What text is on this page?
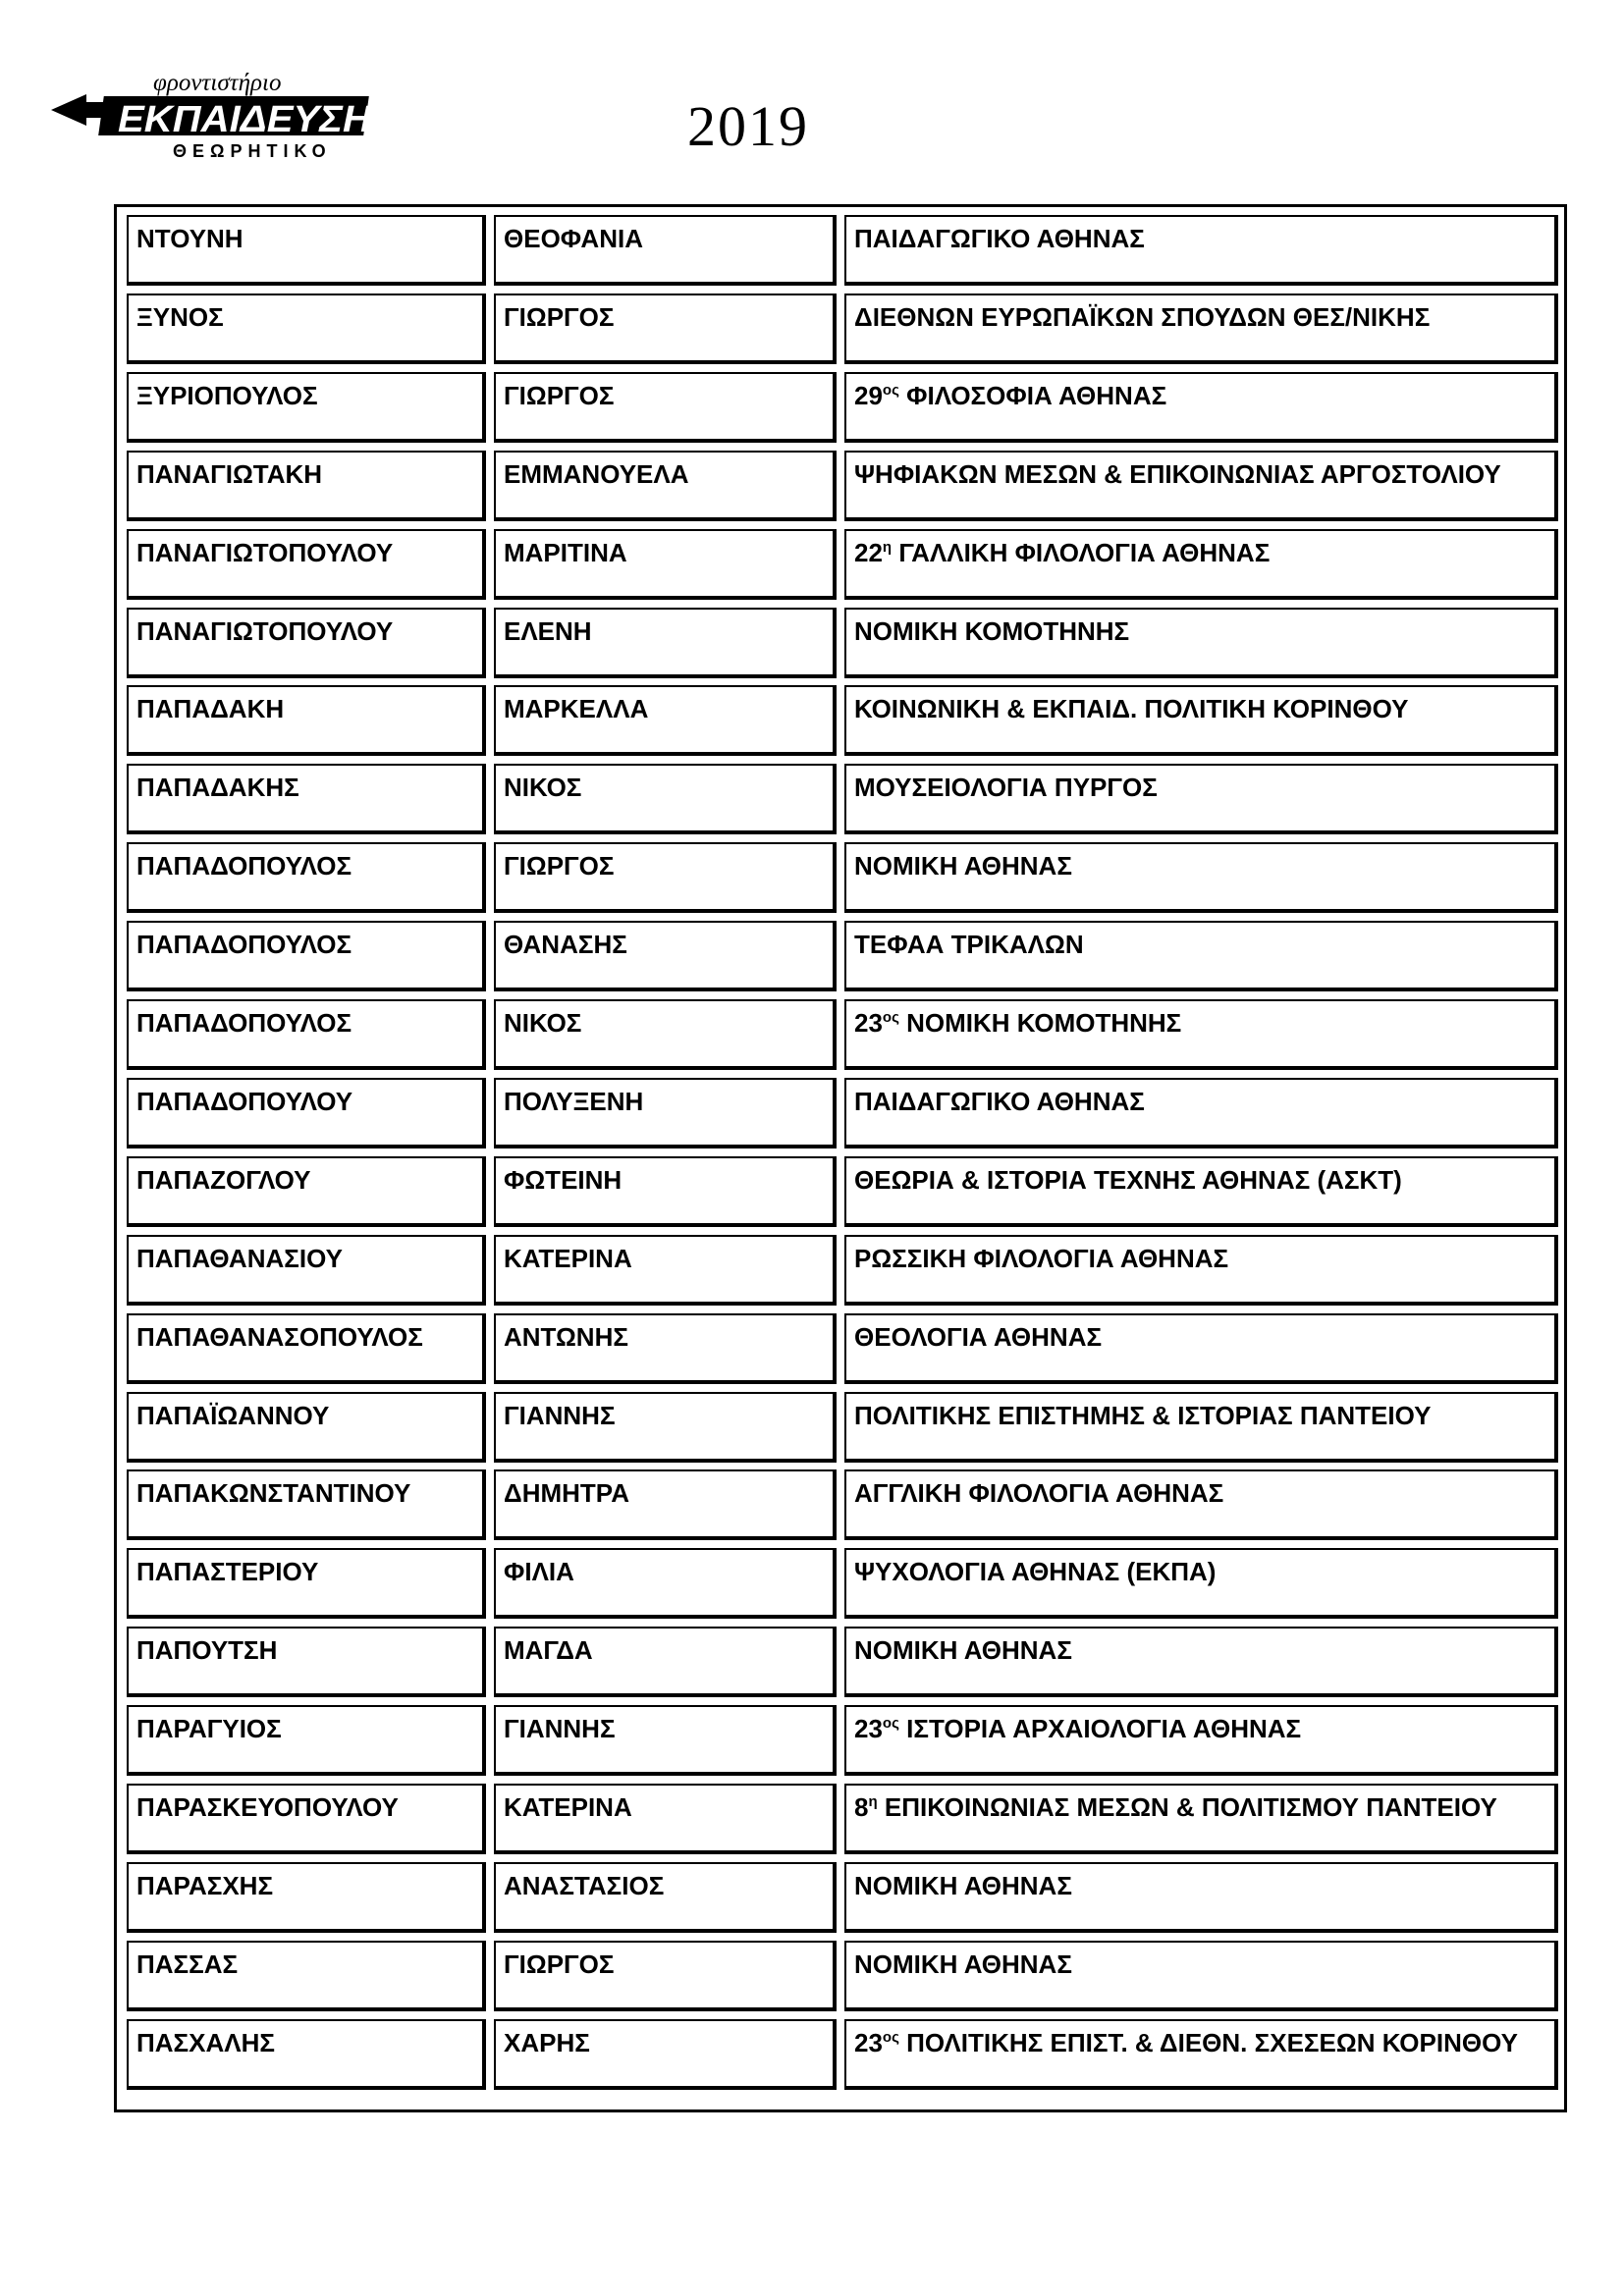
φροντιστήριο
ΕΚΠΑΙΔΕΥΣΗ
ΘΕΩΡΗΤΙΚΟ	2019
ΝΤΟΥΝΗ	ΘΕΟΦΑΝΙΑ	ΠΑΙΔΑΓΩΓΙΚΟ ΑΘΗΝΑΣ
ΞΥΝΟΣ	ΓΙΩΡΓΟΣ	ΔΙΕΘΝΩΝ ΕΥΡΩΠΑΪΚΩΝ ΣΠΟΥΔΩΝ ΘΕΣ/ΝΙΚΗΣ
ΞΥΡΙΟΠΟΥΛΟΣ	ΓΙΩΡΓΟΣ	$29^{o\varsigma}$ ΦΙΛΟΣΟΦΙΑ ΑΘΗΝΑΣ
ΠΑΝΑΓΙΩΤΑΚΗ	ΕΜΜΑΝΟΥΕΛΑ	ΨΗΦΙΑΚΩΝ ΜΕΣΩΝ & ΕΠΙΚΟΙΝΩΝΙΑΣ ΑΡΓΟΣΤΟΛΙΟΥ
ΠΑΝΑΓΙΩΤΟΠΟΥΛΟΥ	ΜΑΡΙΤΙΝΑ	$22^\eta$ ΓΑΛΛΙΚΗ ΦΙΛΟΛΟΓΙΑ ΑΘΗΝΑΣ
ΠΑΝΑΓΙΩΤΟΠΟΥΛΟΥ	ΕΛΕΝΗ	ΝΟΜΙΚΗ ΚΟΜΟΤΗΝΗΣ
ΠΑΠΑΔΑΚΗ	ΜΑΡΚΕΛΛΑ	ΚΟΙΝΩΝΙΚΗ & ΕΚΠΑΙΔ. ΠΟΛΙΤΙΚΗ ΚΟΡΙΝΘΟΥ
ΠΑΠΑΔΑΚΗΣ	ΝΙΚΟΣ	ΜΟΥΣΕΙΟΛΟΓΙΑ ΠΥΡΓΟΣ
ΠΑΠΑΔΟΠΟΥΛΟΣ	ΓΙΩΡΓΟΣ	ΝΟΜΙΚΗ ΑΘΗΝΑΣ
ΠΑΠΑΔΟΠΟΥΛΟΣ	ΘΑΝΑΣΗΣ	ΤΕΦΑΑ ΤΡΙΚΑΛΩΝ
ΠΑΠΑΔΟΠΟΥΛΟΣ	ΝΙΚΟΣ	$23^{o\varsigma}$ ΝΟΜΙΚΗ ΚΟΜΟΤΗΝΗΣ
ΠΑΠΑΔΟΠΟΥΛΟΥ	ΠΟΛΥΞΕΝΗ	ΠΑΙΔΑΓΩΓΙΚΟ ΑΘΗΝΑΣ
ΠΑΠΑΖΟΓΛΟΥ	ΦΩΤΕΙΝΗ	ΘΕΩΡΙΑ & ΙΣΤΟΡΙΑ ΤΕΧΝΗΣ ΑΘΗΝΑΣ (ΑΣΚΤ)
ΠΑΠΑΘΑΝΑΣΙΟΥ	ΚΑΤΕΡΙΝΑ	ΡΩΣΣΙΚΗ ΦΙΛΟΛΟΓΙΑ ΑΘΗΝΑΣ
ΠΑΠΑΘΑΝΑΣΟΠΟΥΛΟΣ	ΑΝΤΩΝΗΣ	ΘΕΟΛΟΓΙΑ ΑΘΗΝΑΣ
ΠΑΠΑΪΩΑΝΝΟΥ	ΓΙΑΝΝΗΣ	ΠΟΛΙΤΙΚΗΣ ΕΠΙΣΤΗΜΗΣ & ΙΣΤΟΡΙΑΣ ΠΑΝΤΕΙΟΥ
ΠΑΠΑΚΩΝΣΤΑΝΤΙΝΟΥ	ΔΗΜΗΤΡΑ	ΑΓΓΛΙΚΗ ΦΙΛΟΛΟΓΙΑ ΑΘΗΝΑΣ
ΠΑΠΑΣΤΕΡΙΟΥ	ΦΙΛΙΑ	ΨΥΧΟΛΟΓΙΑ ΑΘΗΝΑΣ (ΕΚΠΑ)
ΠΑΠΟΥΤΣΗ	ΜΑΓΔΑ	ΝΟΜΙΚΗ ΑΘΗΝΑΣ
ΠΑΡΑΓΥΙΟΣ	ΓΙΑΝΝΗΣ	$23^{o\varsigma}$ ΙΣΤΟΡΙΑ ΑΡΧΑΙΟΛΟΓΙΑ ΑΘΗΝΑΣ
ΠΑΡΑΣΚΕΥΟΠΟΥΛΟΥ	ΚΑΤΕΡΙΝΑ	$8^\eta$ ΕΠΙΚΟΙΝΩΝΙΑΣ ΜΕΣΩΝ & ΠΟΛΙΤΙΣΜΟΥ ΠΑΝΤΕΙΟΥ
ΠΑΡΑΣΧΗΣ	ΑΝΑΣΤΑΣΙΟΣ	ΝΟΜΙΚΗ ΑΘΗΝΑΣ
ΠΑΣΣΑΣ	ΓΙΩΡΓΟΣ	ΝΟΜΙΚΗ ΑΘΗΝΑΣ
ΠΑΣΧΑΛΗΣ	ΧΑΡΗΣ	$23^{o\varsigma}$ ΠΟΛΙΤΙΚΗΣ ΕΠΙΣΤ. & ΔΙΕΘΝ. ΣΧΕΣΕΩΝ ΚΟΡΙΝΘΟΥ
